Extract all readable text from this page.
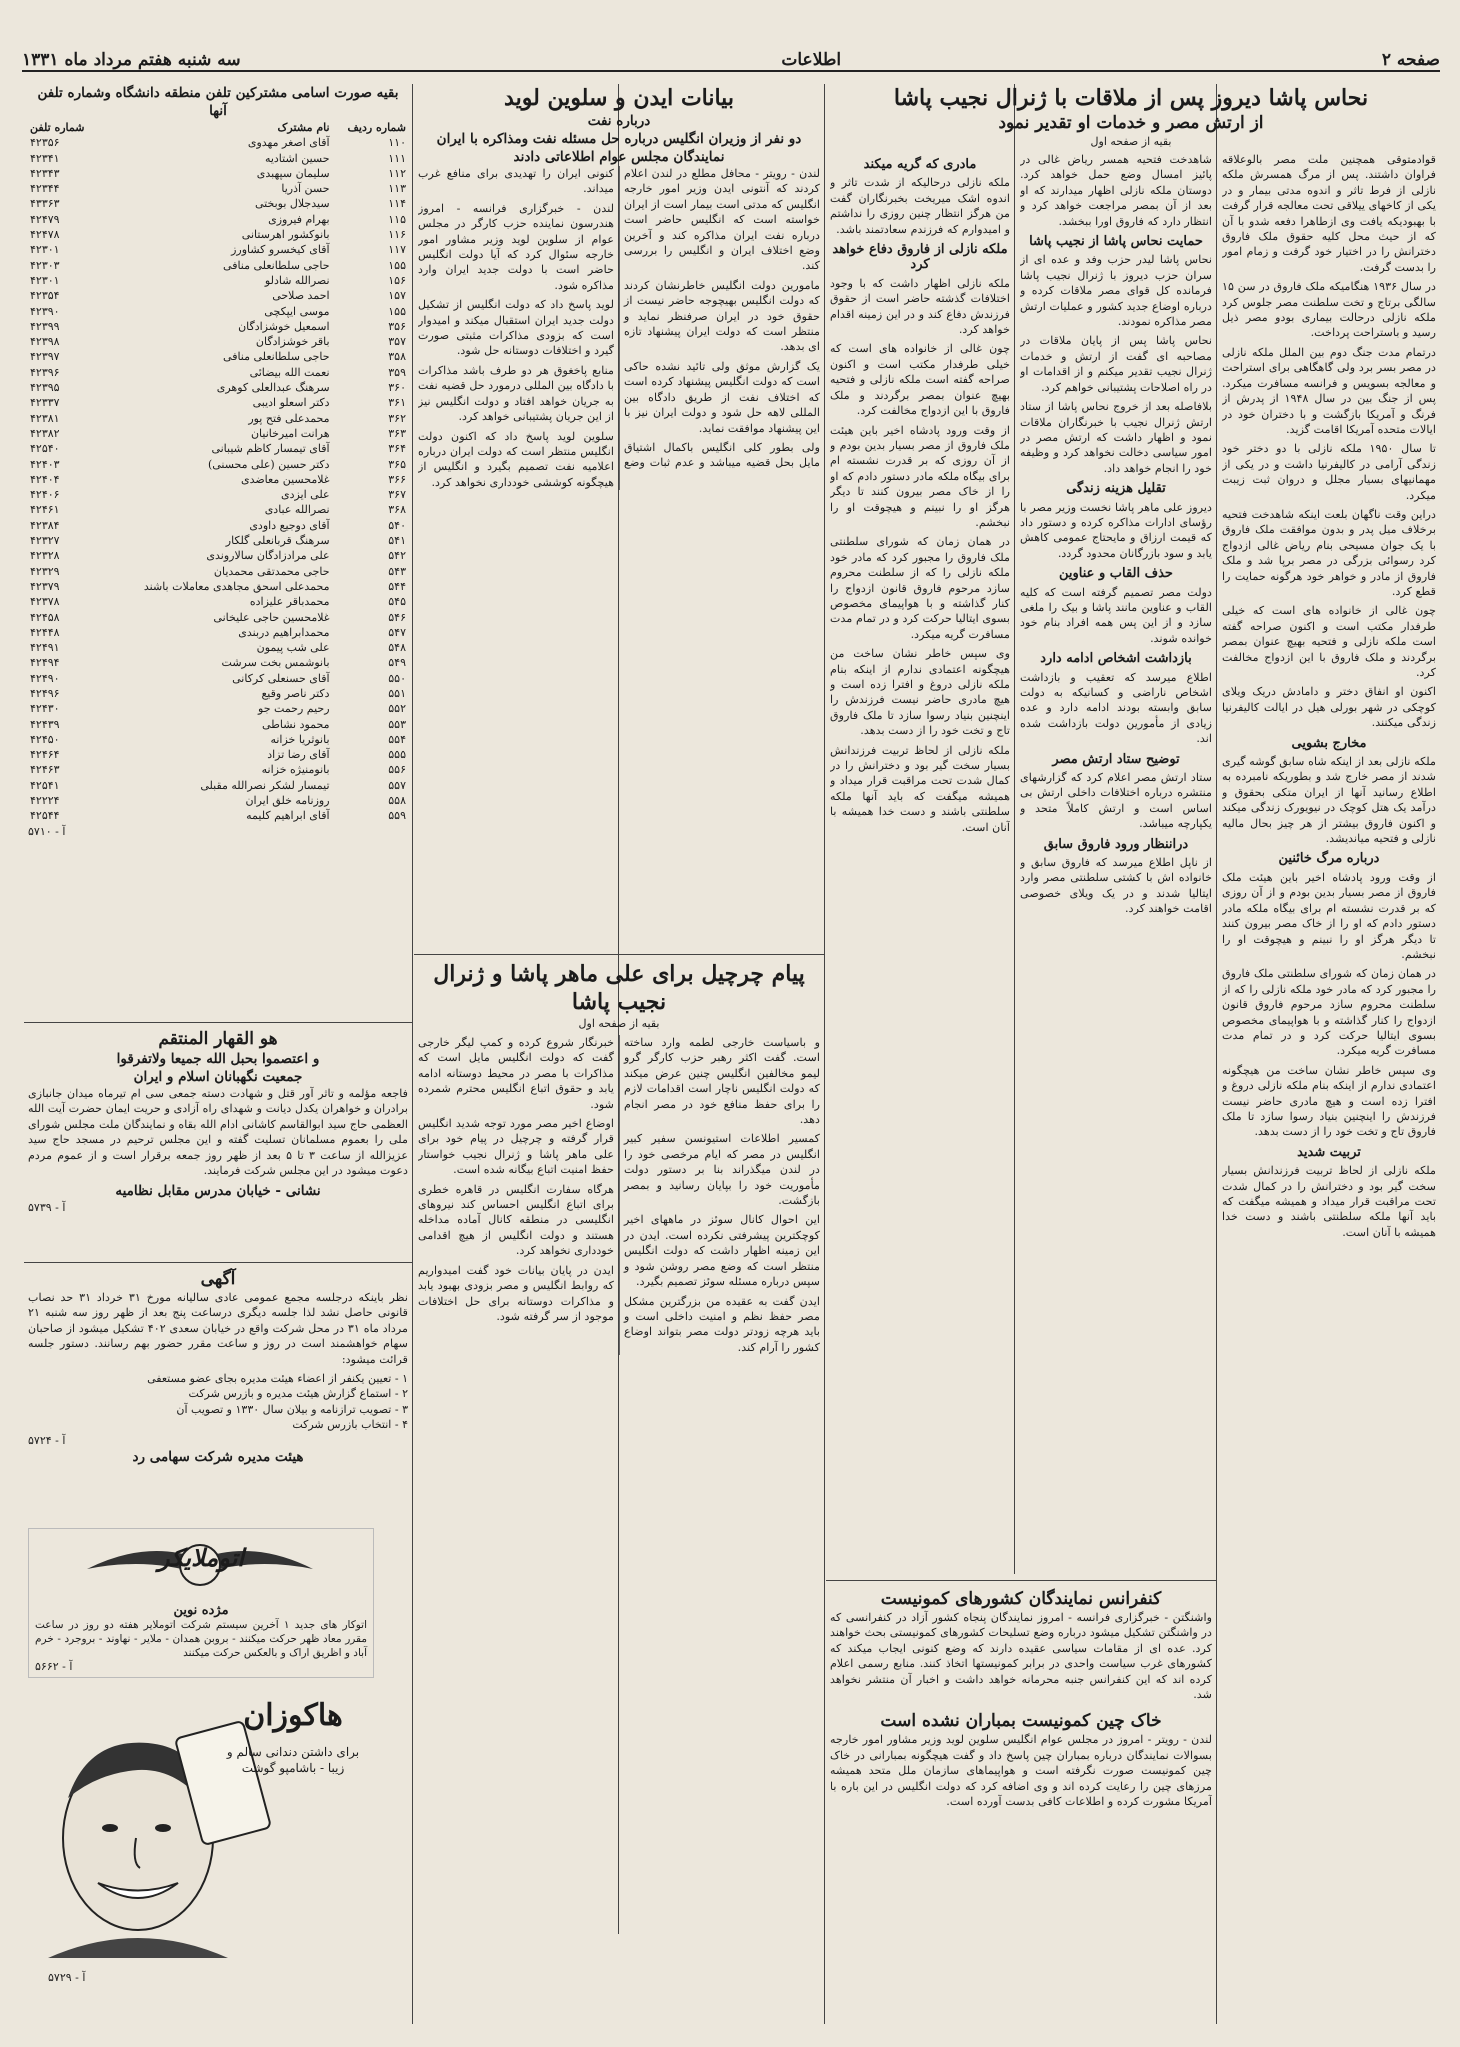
صفحه ۲
اطلاعات
سه شنبه هفتم مرداد ماه ۱۳۳۱
نحاس پاشا دیروز پس از ملاقات با ژنرال نجیب پاشا
از ارتش مصر و خدمات او تقدیر نمود
بقیه از صفحه اول

قوادمتوقی همچنین ملت مصر بالوعلاقه فراوان داشتند. پس از مرگ همسرش ملکه نازلی از فرط تاثر و اندوه مدتی بیمار و در یکی از کاخهای ییلاقی تحت معالجه قرار گرفت با بهبودیکه یافت وی ازطاهرا دفعه شدو با آن که از حیث محل کلیه حقوق ملک فاروق دخترانش را در اختیار خود گرفت و زمام امور را بدست گرفت.

در سال ۱۹۳۶ هنگامیکه ملک فاروق در سن ۱۵ سالگی برتاج و تخت سلطنت مصر جلوس کرد ملکه نازلی درحالت بیماری بودو مصر ذیل رسید و باستراحت پرداخت.

درتمام مدت جنگ دوم بین الملل ملکه نازلی در مصر بسر برد ولی گاهگاهی برای استراحت و معالجه بسویس و فرانسه مسافرت میکرد. پس از جنگ بین در سال ۱۹۴۸ از پدرش از فرنگ و آمریکا بازگشت و با دختران خود در ایالات متحده آمریکا اقامت گزید.

تا سال ۱۹۵۰ ملکه نازلی با دو دختر خود زندگی آرامی در کالیفرنیا داشت و در یکی از مهمانیهای بسیار مجلل و دروان ثبت زیبت میکرد.

دراین وقت ناگهان بلعت اینکه شاهدخت فتحیه برخلاف میل پدر و بدون موافقت ملک فاروق با یک جوان مسیحی بنام ریاض غالی ازدواج کرد رسوائی بزرگی در مصر برپا شد و ملک فاروق از مادر و خواهر خود هرگونه حمایت را قطع کرد.

چون غالی از خانواده های است که خیلی طرفدار مکتب است و اکنون صراحه گفته است ملکه نازلی و فتحیه بهیچ عنوان بمصر برگردند و ملک فاروق با این ازدواج مخالفت کرد.

اکنون او انفاق دختر و دامادش دریک ویلای کوچکی در شهر بورلی هیل در ایالت کالیفرنیا زندگی میکنند.

مخارج بشویی

ملکه نازلی بعد از اینکه شاه سابق گوشه گیری شدند از مصر خارج شد و بطوریکه نامبرده به اطلاع رسانید آنها از ایران متکی بحقوق و درآمد یک هتل کوچک در نیویورک زندگی میکند و اکنون فاروق بیشتر از هر چیز بحال مالیه نازلی و فتحیه میاندیشد.

درباره مرگ خائنین

از وقت ورود پادشاه اخیر باین هیئت ملک فاروق از مصر بسیار بدین بودم و از آن روزی که بر قدرت نشسته ام برای بیگاه ملکه مادر دستور دادم که او را از خاک مصر بیرون کنند تا دیگر هرگز او را نبینم و هیچوقت او را نبخشم.

در همان زمان که شورای سلطنتی ملک فاروق را مجبور کرد که مادر خود ملکه نازلی را که از سلطنت محروم سازد مرحوم فاروق قانون ازدواج را کنار گذاشته و با هواپیمای مخصوص بسوی ایتالیا حرکت کرد و در تمام مدت مسافرت گریه میکرد.

وی سپس خاطر نشان ساخت من هیچگونه اعتمادی ندارم از اینکه بنام ملکه نازلی دروغ و افترا زده است و هیچ مادری حاضر نیست فرزندش را اینچنین بنیاد رسوا سازد تا ملک فاروق تاج و تخت خود را از دست بدهد.

تربیت شدید

ملکه نازلی از لحاظ تربیت فرزندانش بسیار سخت گیر بود و دخترانش را در کمال شدت تحت مراقبت قرار میداد و همیشه میگفت که باید آنها ملکه سلطنتی باشند و دست خدا همیشه با آنان است.

شاهدخت فتحیه همسر ریاض غالی در پائیز امسال وضع حمل خواهد کرد. دوستان ملکه نازلی اظهار میدارند که او بعد از آن بمصر مراجعت خواهد کرد و انتظار دارد که فاروق اورا ببخشد.

حمایت نحاس پاشا از نجیب پاشا

نحاس پاشا لیدر حزب وفد و عده ای از سران حزب دیروز با ژنرال نجیب پاشا فرمانده کل قوای مصر ملاقات کرده و درباره اوضاع جدید کشور و عملیات ارتش مصر مذاکره نمودند.

نحاس پاشا پس از پایان ملاقات در مصاحبه ای گفت از ارتش و خدمات ژنرال نجیب تقدیر میکنم و از اقدامات او در راه اصلاحات پشتیبانی خواهم کرد.

بلافاصله بعد از خروج نحاس پاشا از ستاد ارتش ژنرال نجیب با خبرنگاران ملاقات نمود و اظهار داشت که ارتش مصر در امور سیاسی دخالت نخواهد کرد و وظیفه خود را انجام خواهد داد.

تقلیل هزینه زندگی

دیروز علی ماهر پاشا نخست وزیر مصر با رؤسای ادارات مذاکره کرده و دستور داد که قیمت ارزاق و مایحتاج عمومی کاهش یابد و سود بازرگانان محدود گردد.

حذف القاب و عناوین

دولت مصر تصمیم گرفته است که کلیه القاب و عناوین مانند پاشا و بیک را ملغی سازد و از این پس همه افراد بنام خود خوانده شوند.

بازداشت اشخاص ادامه دارد

اطلاع میرسد که تعقیب و بازداشت اشخاص ناراضی و کسانیکه به دولت سابق وابسته بودند ادامه دارد و عده زیادی از مأمورین دولت بازداشت شده اند.

توضیح ستاد ارتش مصر

ستاد ارتش مصر اعلام کرد که گزارشهای منتشره درباره اختلافات داخلی ارتش بی اساس است و ارتش کاملاً متحد و یکپارچه میباشد.

دراننظار ورود فاروق سابق

از ناپل اطلاع میرسد که فاروق سابق و خانواده اش با کشتی سلطنتی مصر وارد ایتالیا شدند و در یک ویلای خصوصی اقامت خواهند کرد.

مادری که گریه میکند

ملکه نازلی درحالیکه از شدت تاثر و اندوه اشک میریخت بخبرنگاران گفت من هرگز انتظار چنین روزی را نداشتم و امیدوارم که فرزندم سعادتمند باشد.

ملکه نازلی از فاروق دفاع خواهد کرد

ملکه نازلی اظهار داشت که با وجود اختلافات گذشته حاضر است از حقوق فرزندش دفاع کند و در این زمینه اقدام خواهد کرد.

چون غالی از خانواده های است که خیلی طرفدار مکتب است و اکنون صراحه گفته است ملکه نازلی و فتحیه بهیچ عنوان بمصر برگردند و ملک فاروق با این ازدواج مخالفت کرد.

از وقت ورود پادشاه اخیر باین هیئت ملک فاروق از مصر بسیار بدین بودم و از آن روزی که بر قدرت نشسته ام برای بیگاه ملکه مادر دستور دادم که او را از خاک مصر بیرون کنند تا دیگر هرگز او را نبینم و هیچوقت او را نبخشم.

در همان زمان که شورای سلطنتی ملک فاروق را مجبور کرد که مادر خود ملکه نازلی را که از سلطنت محروم سازد مرحوم فاروق قانون ازدواج را کنار گذاشته و با هواپیمای مخصوص بسوی ایتالیا حرکت کرد و در تمام مدت مسافرت گریه میکرد.

وی سپس خاطر نشان ساخت من هیچگونه اعتمادی ندارم از اینکه بنام ملکه نازلی دروغ و افترا زده است و هیچ مادری حاضر نیست فرزندش را اینچنین بنیاد رسوا سازد تا ملک فاروق تاج و تخت خود را از دست بدهد.

ملکه نازلی از لحاظ تربیت فرزندانش بسیار سخت گیر بود و دخترانش را در کمال شدت تحت مراقبت قرار میداد و همیشه میگفت که باید آنها ملکه سلطنتی باشند و دست خدا همیشه با آنان است.

کنفرانس نمایندگان کشورهای کمونیست

واشنگتن - خبرگزاری فرانسه - امروز نمایندگان پنجاه کشور آزاد در کنفرانسی که در واشنگتن تشکیل میشود درباره وضع تسلیحات کشورهای کمونیستی بحث خواهند کرد. عده ای از مقامات سیاسی عقیده دارند که وضع کنونی ایجاب میکند که کشورهای غرب سیاست واحدی در برابر کمونیستها اتخاذ کنند. منابع رسمی اعلام کرده اند که این کنفرانس جنبه محرمانه خواهد داشت و اخبار آن منتشر نخواهد شد.

خاک چین کمونیست بمباران نشده است

لندن - رویتر - امروز در مجلس عوام انگلیس سلوین لوید وزیر مشاور امور خارجه بسوالات نمایندگان درباره بمباران چین پاسخ داد و گفت هیچگونه بمبارانی در خاک چین کمونیست صورت نگرفته است و هواپیماهای سازمان ملل متحد همیشه مرزهای چین را رعایت کرده اند و وی اضافه کرد که دولت انگلیس در این باره با آمریکا مشورت کرده و اطلاعات کافی بدست آورده است.

بیانات ایدن و سلوین لوید
درباره نفت
دو نفر از وزیران انگلیس درباره حل مسئله نفت ومذاکره با ایران نمایندگان مجلس عوام اطلاعاتی دادند

لندن - رویتر - محافل مطلع در لندن اعلام کردند که آنتونی ایدن وزیر امور خارجه انگلیس که مدتی است بیمار است از ایران خواسته است که انگلیس حاضر است درباره نفت ایران مذاکره کند و آخرین وضع اختلاف ایران و انگلیس را بررسی کند.

مامورین دولت انگلیس خاطرنشان کردند که دولت انگلیس بهیچوجه حاضر نیست از حقوق خود در ایران صرفنظر نماید و منتظر است که دولت ایران پیشنهاد تازه ای بدهد.

یک گزارش موثق ولی تائید نشده حاکی است که دولت انگلیس پیشنهاد کرده است که اختلاف نفت از طریق دادگاه بین المللی لاهه حل شود و دولت ایران نیز با این پیشنهاد موافقت نماید.

ولی بطور کلی انگلیس باکمال اشتیاق مایل بحل قضیه میباشد و عدم ثبات وضع کنونی ایران را تهدیدی برای منافع غرب میداند.

لندن - خبرگزاری فرانسه - امروز هندرسون نماینده حزب کارگر در مجلس عوام از سلوین لوید وزیر مشاور امور خارجه سئوال کرد که آیا دولت انگلیس حاضر است با دولت جدید ایران وارد مذاکره شود.

لوید پاسخ داد که دولت انگلیس از تشکیل دولت جدید ایران استقبال میکند و امیدوار است که بزودی مذاکرات مثبتی صورت گیرد و اختلافات دوستانه حل شود.

منابع پاخغوق هر دو طرف باشد مذاکرات با دادگاه بین المللی درمورد حل قضیه نفت به جریان خواهد افتاد و دولت انگلیس نیز از این جریان پشتیبانی خواهد کرد.

سلوین لوید پاسخ داد که اکنون دولت انگلیس منتظر است که دولت ایران درباره اعلامیه نفت تصمیم بگیرد و انگلیس از هیچگونه کوششی خودداری نخواهد کرد.

پیام چرچیل برای علی ماهر پاشا و ژنرال نجیب پاشا
بقیه از صفحه اول

و باسیاست خارجی لطمه وارد ساخته است. گفت اکثر رهبر حزب کارگر گرو لیمو مخالفین انگلیس چنین عرض میکند که دولت انگلیس ناچار است اقدامات لازم را برای حفظ منافع خود در مصر انجام دهد.

کمسیر اطلاعات استیونسن سفیر کبیر انگلیس در مصر که ایام مرخصی خود را در لندن میگذراند بنا بر دستور دولت مأموریت خود را بپایان رسانید و بمصر بازگشت.

این احوال کانال سوئز در ماههای اخیر کوچکترین پیشرفتی نکرده است. ایدن در این زمینه اظهار داشت که دولت انگلیس منتظر است که وضع مصر روشن شود و سپس درباره مسئله سوئز تصمیم بگیرد.

ایدن گفت به عقیده من بزرگترین مشکل مصر حفظ نظم و امنیت داخلی است و باید هرچه زودتر دولت مصر بتواند اوضاع کشور را آرام کند.

خبرنگار شروع کرده و کمپ لیگر خارجی گفت که دولت انگلیس مایل است که مذاکرات با مصر در محیط دوستانه ادامه یابد و حقوق اتباع انگلیس محترم شمرده شود.

اوضاع اخیر مصر مورد توجه شدید انگلیس قرار گرفته و چرچیل در پیام خود برای علی ماهر پاشا و ژنرال نجیب خواستار حفظ امنیت اتباع بیگانه شده است.

هرگاه سفارت انگلیس در قاهره خطری برای اتباع انگلیس احساس کند نیروهای انگلیسی در منطقه کانال آماده مداخله هستند و دولت انگلیس از هیچ اقدامی خودداری نخواهد کرد.

ایدن در پایان بیانات خود گفت امیدواریم که روابط انگلیس و مصر بزودی بهبود یابد و مذاکرات دوستانه برای حل اختلافات موجود از سر گرفته شود.

بقیه صورت اسامی مشترکین تلفن منطقه دانشگاه وشماره تلفن آنها
شماره ردیف	نام مشترک	شماره تلفن
۱۱۰	آقای اصغر مهدوی	۴۲۳۵۶
۱۱۱	حسین اشتادیه	۴۲۳۴۱
۱۱۲	سلیمان سپهبدی	۴۲۳۴۳
۱۱۳	حسن آذریا	۴۲۳۴۴
۱۱۴	سیدجلال بوبختی	۴۳۳۶۳
۱۱۵	بهرام فیروزی	۴۲۴۷۹
۱۱۶	بانوکشور اهرستانی	۴۲۴۷۸
۱۱۷	آقای کیخسرو کشاورز	۴۲۳۰۱
۱۵۵	حاجی سلطانعلی منافی	۴۲۳۰۳
۱۵۶	نصرالله شادلو	۴۲۳۰۱
۱۵۷	احمد صلاحی	۴۲۳۵۴
۱۵۵	موسی ایپکچی	۴۲۳۹۰
۳۵۶	اسمعیل خوشزادگان	۴۲۳۹۹
۳۵۷	باقر خوشزادگان	۴۲۳۹۸
۳۵۸	حاجی سلطانعلی منافی	۴۲۳۹۷
۳۵۹	نعمت الله بیضائی	۴۲۳۹۶
۳۶۰	سرهنگ عبدالعلی کوهری	۴۲۳۹۵
۳۶۱	دکتر اسعلو ادیبی	۴۲۳۳۷
۳۶۲	محمدعلی فتح پور	۴۲۳۸۱
۳۶۳	هرانت امیرخانیان	۴۲۳۸۲
۳۶۴	آقای تیمسار کاظم شیبانی	۴۲۵۴۰
۳۶۵	دکتر حسین (علی محسنی)	۴۲۴۰۳
۳۶۶	غلامحسین معاضدی	۴۲۴۰۴
۳۶۷	علی ایزدی	۴۲۴۰۶
۳۶۸	نصرالله عبادی	۴۲۴۶۱
۵۴۰	آقای دوجیع داودی	۴۲۳۸۴
۵۴۱	سرهنگ قربانعلی گلکار	۴۲۳۲۷
۵۴۲	علی مرادزادگان سالاروندی	۴۲۳۲۸
۵۴۳	حاجی محمدتقی محمدیان	۴۲۳۲۹
۵۴۴	محمدعلی اسحق مجاهدی معاملات باشند	۴۲۳۷۹
۵۴۵	محمدباقر علیزاده	۴۲۳۷۸
۵۴۶	غلامحسین حاجی علیخانی	۴۲۴۵۸
۵۴۷	محمدابراهیم دربندی	۴۲۴۴۸
۵۴۸	علی شب پیمون	۴۲۴۹۱
۵۴۹	بانوشمس بخت سرشت	۴۲۴۹۴
۵۵۰	آقای حسنعلی کرکانی	۴۲۴۹۰
۵۵۱	دکتر ناصر وقیع	۴۲۴۹۶
۵۵۲	رحیم رحمت جو	۴۲۴۳۰
۵۵۳	محمود نشاطی	۴۲۴۳۹
۵۵۴	بانوثریا خزانه	۴۲۴۵۰
۵۵۵	آقای رضا تزاد	۴۲۴۶۴
۵۵۶	بانومنیژه خزانه	۴۲۴۶۳
۵۵۷	تیمسار لشکر نصرالله مقبلی	۴۲۵۴۱
۵۵۸	روزنامه خلق ایران	۴۲۲۲۴
۵۵۹	آقای ابراهیم کلیمه	۴۲۵۴۴
آ - ۵۷۱۰
هو القهار المنتقم
و اعتصموا بحبل الله جمیعا ولاتفرقوا
جمعیت نگهبانان اسلام و ایران

فاجعه مؤلمه و تاثر آور قتل و شهادت دسته جمعی سی ام تیرماه میدان جانبازی برادران و خواهران یکدل دیانت و شهدای راه آزادی و حریت ایمان حضرت آیت الله العظمی حاج سید ابوالقاسم کاشانی ادام الله بقاه و نمایندگان ملت مجلس شورای ملی را بعموم مسلمانان تسلیت گفته و این مجلس ترحیم در مسجد حاج سید عزیزالله از ساعت ۳ تا ۵ بعد از ظهر روز جمعه برقرار است و از عموم مردم دعوت میشود در این مجلس شرکت فرمایند.

نشانی - خیابان مدرس مقابل نظامیه
آ - ۵۷۳۹
آگهی

نظر باینکه درجلسه مجمع عمومی عادی سالیانه مورخ ۳۱ خرداد ۳۱ حد نصاب قانونی حاصل نشد لذا جلسه دیگری درساعت پنج بعد از ظهر روز سه شنبه ۲۱ مرداد ماه ۳۱ در محل شرکت واقع در خیابان سعدی ۴۰۲ تشکیل میشود از صاحبان سهام خواهشمند است در روز و ساعت مقرر حضور بهم رسانند. دستور جلسه قرائت میشود:

۱ - تعیین یکنفر از اعضاء هیئت مدیره بجای عضو مستعفی
۲ - استماع گزارش هیئت مدیره و بازرس شرکت
۳ - تصویب ترازنامه و بیلان سال ۱۳۳۰ و تصویب آن
۴ - انتخاب بازرس شرکت
آ - ۵۷۲۴
هیئت مدیره شرکت سهامی رد
اتوملایکر
مژده نوین

اتوکار های جدید ۱ آخرین سیستم شرکت اتوملایر هفته دو روز در ساعت مقرر معاد ظهر حرکت میکنند - بروبن همدان - ملایر - نهاوند - بروجرد - خرم آباد و اظریق اراک و بالعکس حرکت میکنند

آ - ۵۶۶۲
هاکوزان
برای داشتن دندانی سالم و زیبا - باشامپو گوشت
آ - ۵۷۲۹
